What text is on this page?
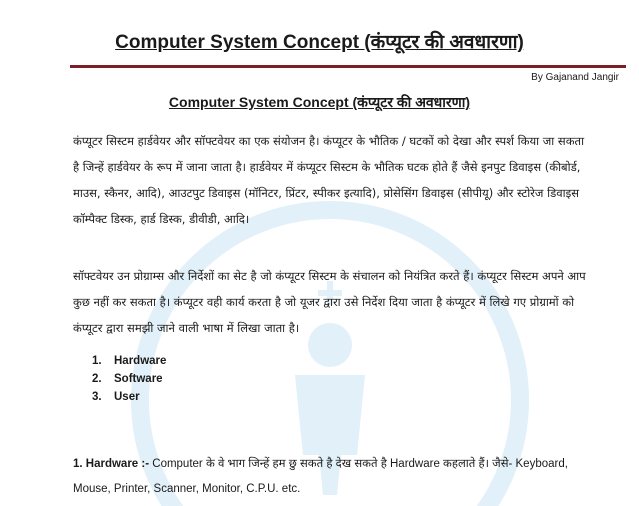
Computer System Concept (कंप्यूटर की अवधारणा)
By Gajanand Jangir
Computer System Concept (कंप्यूटर की अवधारणा)
कंप्यूटर सिस्टम हार्डवेयर और सॉफ्टवेयर का एक संयोजन है। कंप्यूटर के भौतिक / घटकों को देखा और स्पर्श किया जा सकता है जिन्हें हार्डवेयर के रूप में जाना जाता है। हार्डवेयर में कंप्यूटर सिस्टम के भौतिक घटक होते हैं जैसे इनपुट डिवाइस (कीबोर्ड, माउस, स्कैनर, आदि), आउटपुट डिवाइस (मॉनिटर, प्रिंटर, स्पीकर इत्यादि), प्रोसेसिंग डिवाइस (सीपीयू) और स्टोरेज डिवाइस कॉम्पैक्ट डिस्क, हार्ड डिस्क, डीवीडी, आदि।
सॉफ्टवेयर उन प्रोग्राम्स और निर्देशों का सेट है जो कंप्यूटर सिस्टम के संचालन को नियंत्रित करते हैं। कंप्यूटर सिस्टम अपने आप कुछ नहीं कर सकता है। कंप्यूटर वही कार्य करता है जो यूजर द्वारा उसे निर्देश दिया जाता है कंप्यूटर में लिखे गए प्रोग्रामों को कंप्यूटर द्वारा समझी जाने वाली भाषा में लिखा जाता है।
1. Hardware
2. Software
3. User
1. Hardware :- Computer के वे भाग जिन्हें हम छु सकते है देख सकते है Hardware कहलाते हैं। जैसे- Keyboard, Mouse, Printer, Scanner, Monitor, C.P.U. etc.
